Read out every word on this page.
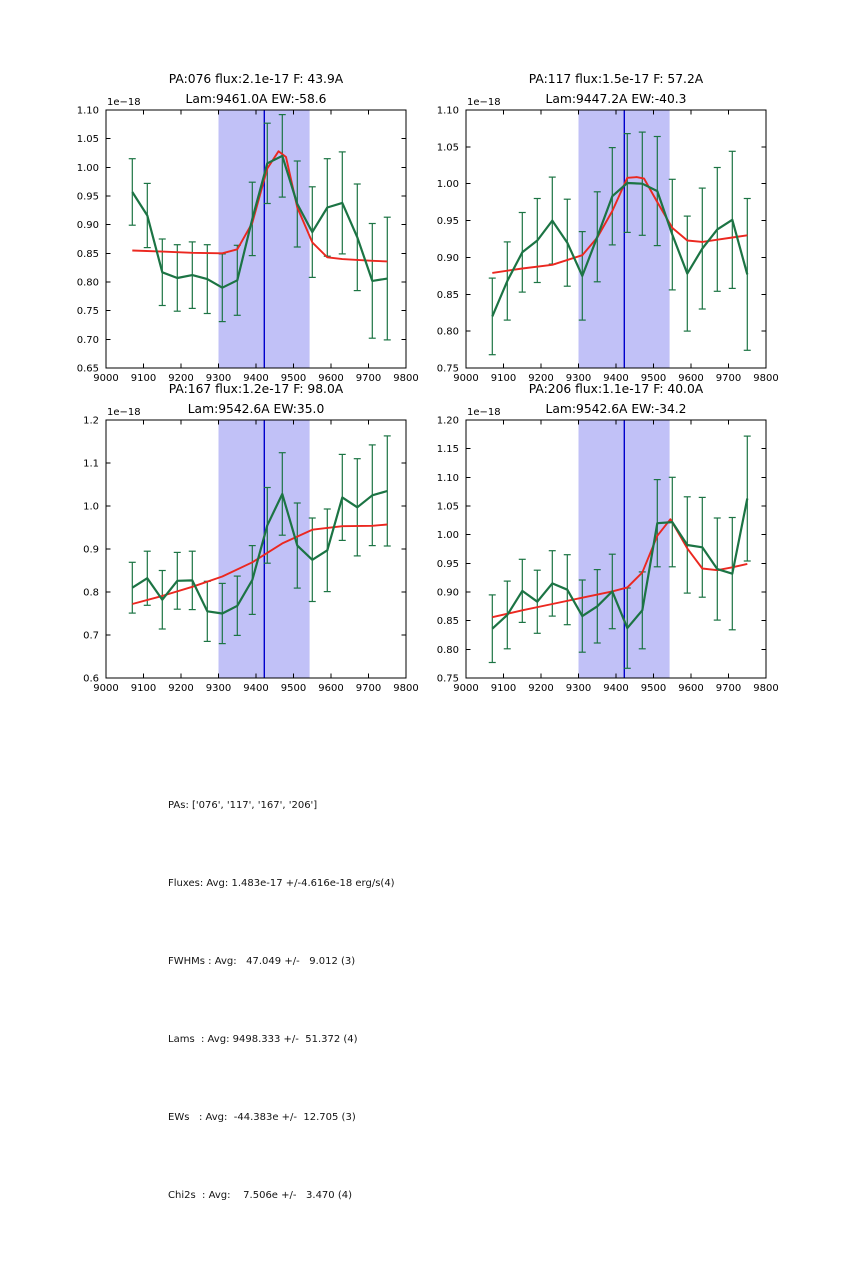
9000 9100 9200 9300 9400 9500 9600 9700 9800
0.65
0.70
0.75
0.80
0.85
0.90
0.95
1.00
1.05
1.10
PA:076 flux:2.1e-17 F: 43.9A
Lam:9461.0A EW:-58.6
1e−18
9000 9100 9200 9300 9400 9500 9600 9700 9800
0.75
0.80
0.85
0.90
0.95
1.00
1.05
1.10
PA:117 flux:1.5e-17 F: 57.2A
Lam:9447.2A EW:-40.3
1e−18
9000 9100 9200 9300 9400 9500 9600 9700 9800
0.6
0.7
0.8
0.9
1.0
1.1
1.2
PA:167 flux:1.2e-17 F: 98.0A
Lam:9542.6A EW:35.0
1e−18
9000 9100 9200 9300 9400 9500 9600 9700 9800
0.75
0.80
0.85
0.90
0.95
1.00
1.05
1.10
1.15
1.20
PA:206 flux:1.1e-17 F: 40.0A
Lam:9542.6A EW:-34.2
1e−18

PAs: ['076', '117', '167', '206']

Fluxes: Avg: 1.483e-17 +/-4.616e-18 erg/s(4)

FWHMs : Avg:   47.049 +/-   9.012 (3)

Lams  : Avg: 9498.333 +/-  51.372 (4)

EWs   : Avg:  -44.383e +/-  12.705 (3)

Chi2s  : Avg:    7.506e +/-   3.470 (4)
